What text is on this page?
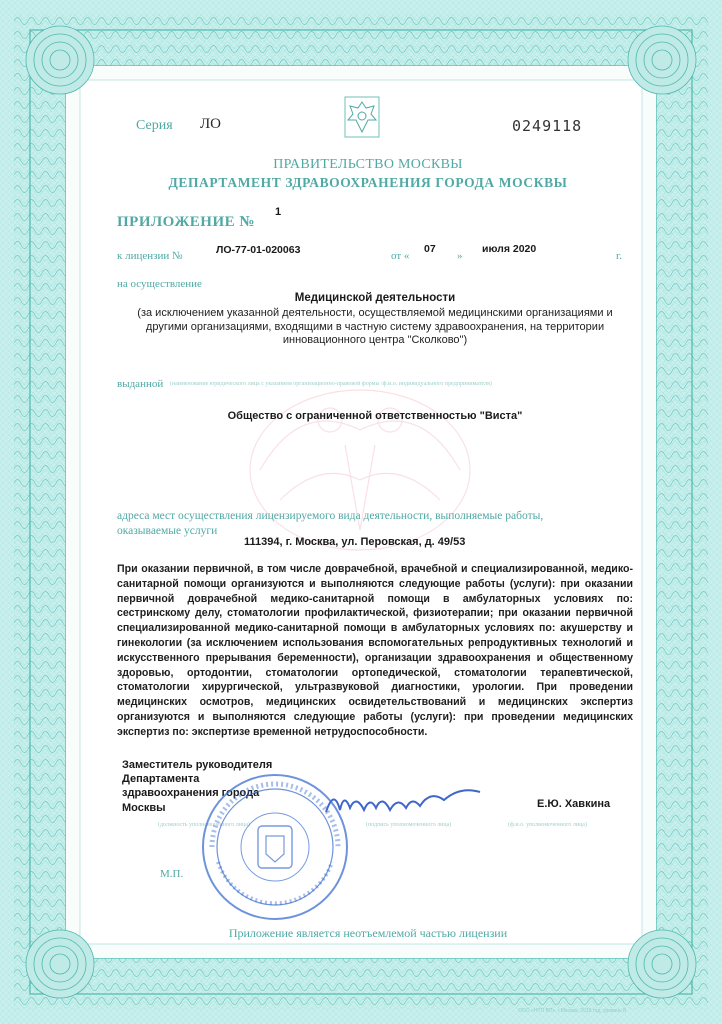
Серия ЛО	0249118
ПРАВИТЕЛЬСТВО МОСКВЫ
ДЕПАРТАМЕНТ ЗДРАВООХРАНЕНИЯ ГОРОДА МОСКВЫ
ПРИЛОЖЕНИЕ №
1
к лицензии №	ЛО-77-01-020063	от «
07
»
июля 2020
г.
на осуществление
Медицинской деятельности
(за исключением указанной деятельности, осуществляемой медицинскими организациями и другими организациями, входящими в частную систему здравоохранения, на территории инновационного центра "Сколково")
выданной (наименование юридического лица с указанием организационно-правовой формы /ф.и.о. индивидуального предпринимателя)
Общество с ограниченной ответственностью "Виста"
адреса мест осуществления лицензируемого вида деятельности, выполняемые работы,
оказываемые услуги
111394, г. Москва, ул. Перовская, д. 49/53
При оказании первичной, в том числе доврачебной, врачебной и специализированной, медико-санитарной помощи организуются и выполняются следующие работы (услуги): при оказании первичной доврачебной медико-санитарной помощи в амбулаторных условиях по: сестринскому делу, стоматологии профилактической, физиотерапии; при оказании первичной специализированной медико-санитарной помощи в амбулаторных условиях по: акушерству и гинекологии (за исключением использования вспомогательных репродуктивных технологий и искусственного прерывания беременности), организации здравоохранения и общественному здоровью, ортодонтии, стоматологии ортопедической, стоматологии терапевтической, стоматологии хирургической, ультразвуковой диагностики, урологии. При проведении медицинских осмотров, медицинских освидетельствований и медицинских экспертиз организуются и выполняются следующие работы (услуги): при проведении медицинских экспертиз по: экспертизе временной нетрудоспособности.
Заместитель руководителя
Департамента
здравоохранения города
Москвы	Е.Ю. Хавкина
(должность уполномоченного лица)	(подпись уполномоченного лица)	(ф.и.о. уполномоченного лица)
М.П.
Приложение является неотъемлемой частью лицензии
ООО «НТП ВП», г.Москва, 2018 год, уровень В
